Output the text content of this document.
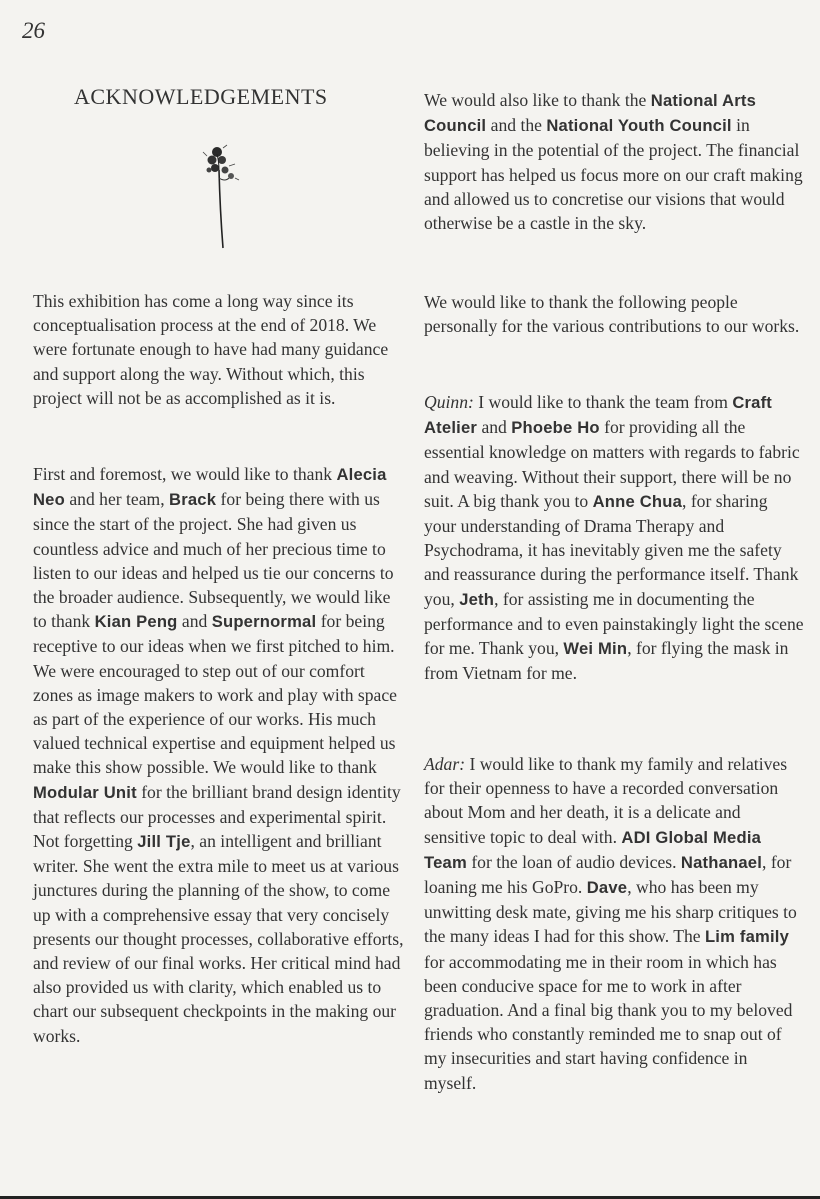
26
ACKNOWLEDGEMENTS

This exhibition has come a long way since its conceptualisation process at the end of 2018. We were fortunate enough to have had many guidance and support along the way. Without which, this project will not be as accomplished as it is.

First and foremost, we would like to thank Alecia Neo and her team, Brack for being there with us since the start of the project. She had given us countless advice and much of her precious time to listen to our ideas and helped us tie our concerns to the broader audience. Subsequently, we would like to thank Kian Peng and Supernormal for being receptive to our ideas when we first pitched to him. We were encouraged to step out of our comfort zones as image makers to work and play with space as part of the experience of our works. His much valued technical expertise and equipment helped us make this show possible. We would like to thank Modular Unit for the brilliant brand design identity that reflects our processes and experimental spirit. Not forgetting Jill Tje, an intelligent and brilliant writer. She went the extra mile to meet us at various junctures during the planning of the show, to come up with a comprehensive essay that very concisely presents our thought processes, collaborative efforts, and review of our final works. Her critical mind had also provided us with clarity, which enabled us to chart our subsequent checkpoints in the making our works.

We would also like to thank the National Arts Council and the National Youth Council in believing in the potential of the project. The financial support has helped us focus more on our craft making and allowed us to concretise our visions that would otherwise be a castle in the sky.

We would like to thank the following people personally for the various contributions to our works.

Quinn: I would like to thank the team from Craft Atelier and Phoebe Ho for providing all the essential knowledge on matters with regards to fabric and weaving. Without their support, there will be no suit. A big thank you to Anne Chua, for sharing your understanding of Drama Therapy and Psychodrama, it has inevitably given me the safety and reassurance during the performance itself. Thank you, Jeth, for assisting me in documenting the performance and to even painstakingly light the scene for me. Thank you, Wei Min, for flying the mask in from Vietnam for me.

Adar: I would like to thank my family and relatives for their openness to have a recorded conversation about Mom and her death, it is a delicate and sensitive topic to deal with. ADI Global Media Team for the loan of audio devices. Nathanael, for loaning me his GoPro. Dave, who has been my unwitting desk mate, giving me his sharp critiques to the many ideas I had for this show. The Lim family for accommodating me in their room in which has been conducive space for me to work in after graduation. And a final big thank you to my beloved friends who constantly reminded me to snap out of my insecurities and start having confidence in myself.
